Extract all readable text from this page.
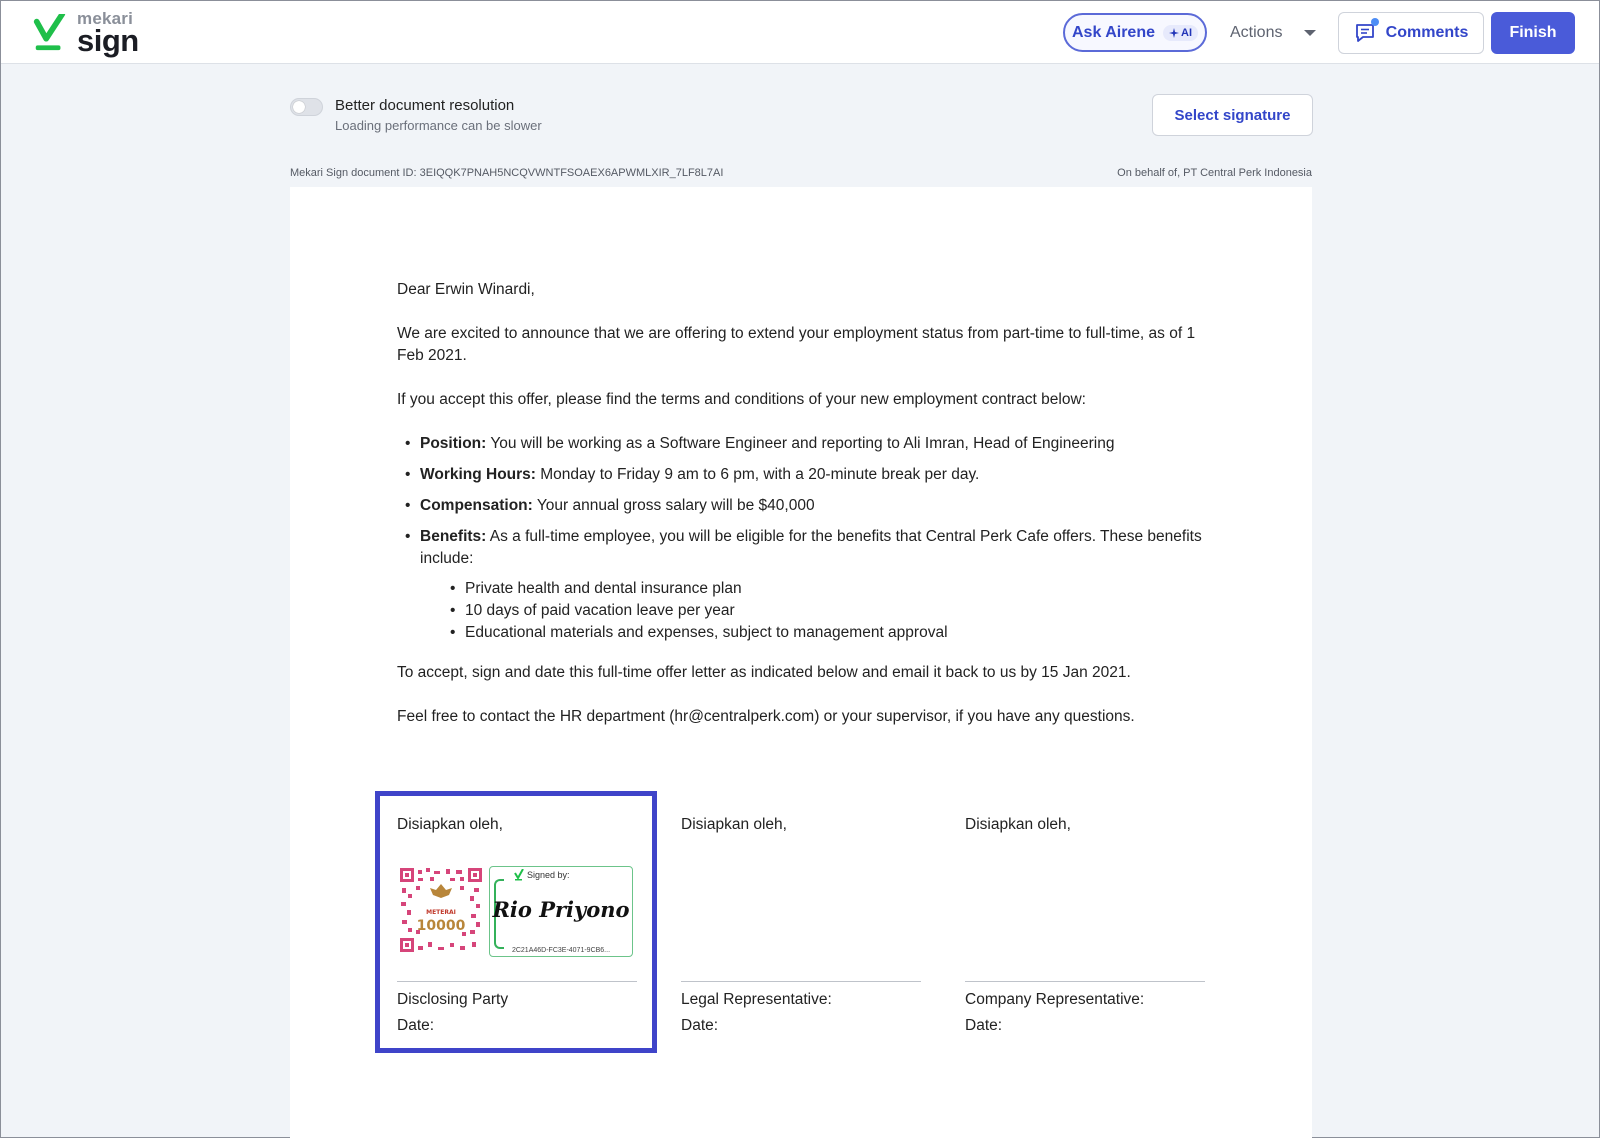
mekari
sign	Ask Airene AI Actions	Comments	Finish
Better document resolution
Loading performance can be slower
Select signature
Mekari Sign document ID: 3EIQQK7PNAH5NCQVWNTFSOAEX6APWMLXIR_7LF8L7AI	On behalf of, PT Central Perk Indonesia

Dear Erwin Winardi,

We are excited to announce that we are offering to extend your employment status from part-time to full-time, as of 1 Feb 2021.

If you accept this offer, please find the terms and conditions of your new employment contract below:

• Position: You will be working as a Software Engineer and reporting to Ali Imran, Head of Engineering
• Working Hours: Monday to Friday 9 am to 6 pm, with a 20-minute break per day.
• Compensation: Your annual gross salary will be $40,000
• Benefits: As a full-time employee, you will be eligible for the benefits that Central Perk Cafe offers. These benefits include:
• Private health and dental insurance plan
• 10 days of paid vacation leave per year
• Educational materials and expenses, subject to management approval

To accept, sign and date this full-time offer letter as indicated below and email it back to us by 15 Jan 2021.

Feel free to contact the HR department (hr@centralperk.com) or your supervisor, if you have any questions.

Disiapkan oleh,
METERAI
10000
Signed by:
Rio Priyono
2C21A46D-FC3E-4071-9CB6...
Disclosing Party
Date:
Disiapkan oleh,
Legal Representative:
Date:
Disiapkan oleh,
Company Representative:
Date:
